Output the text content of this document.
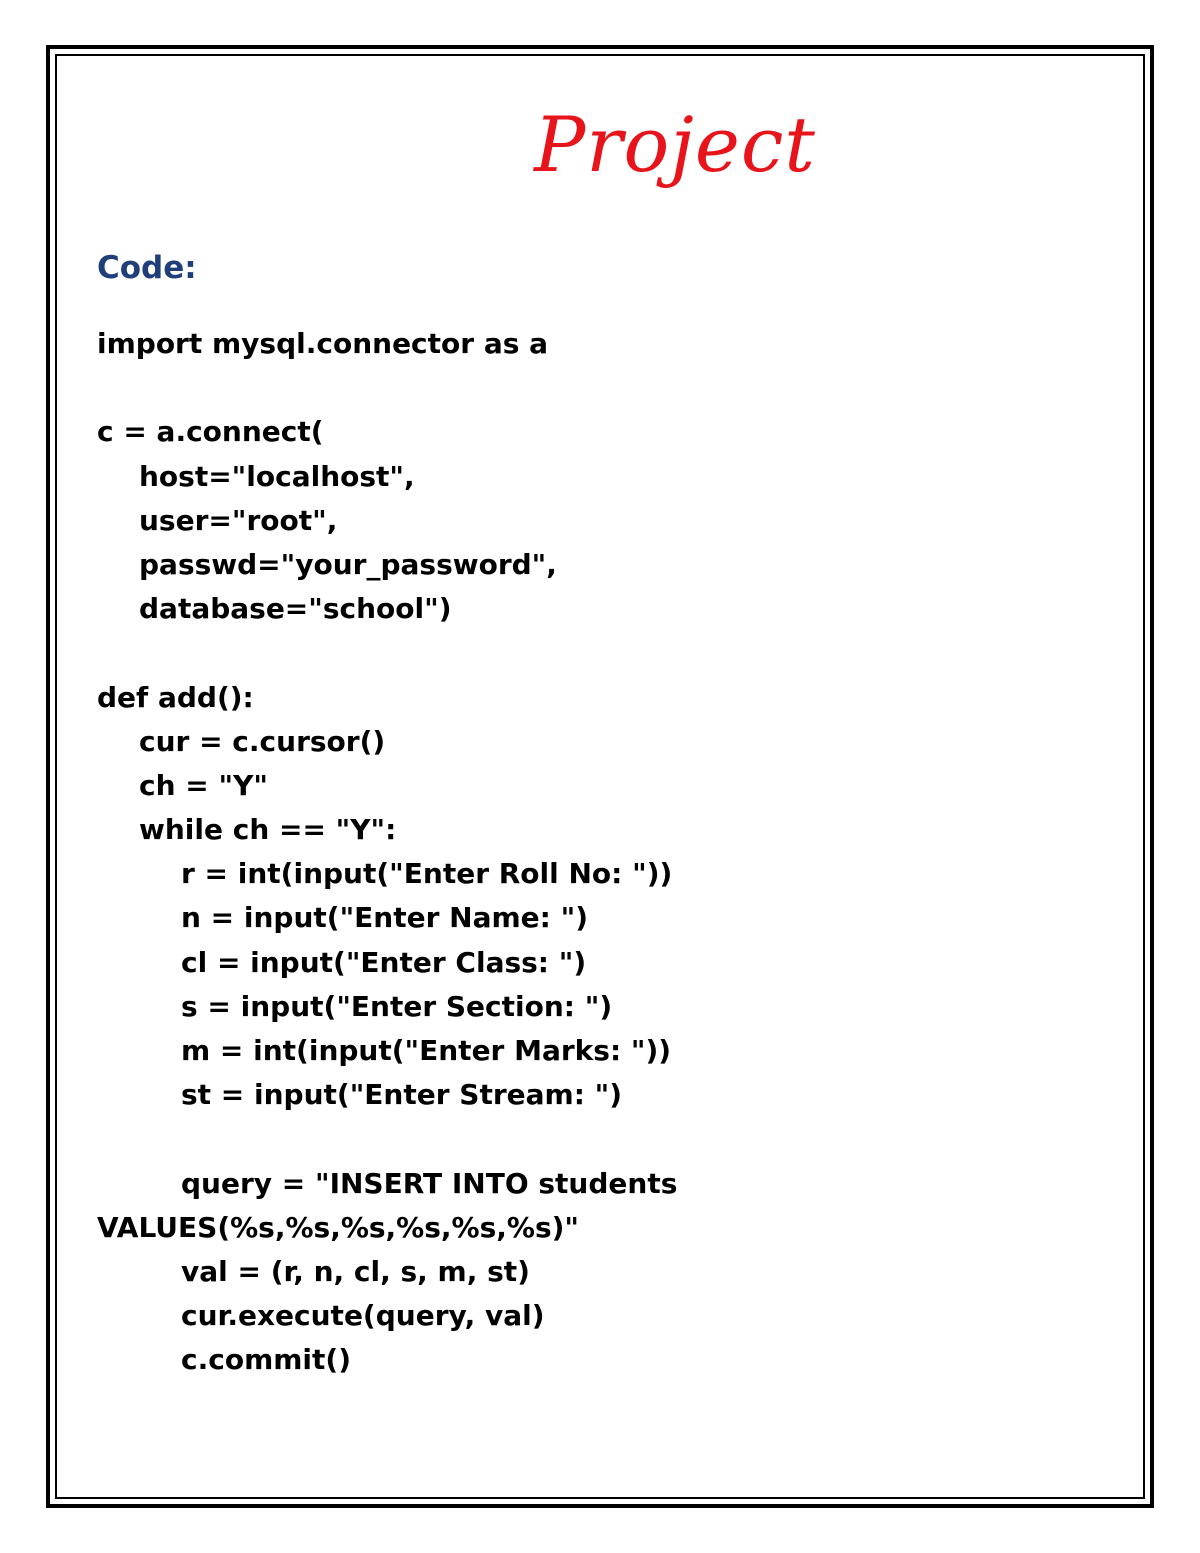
Project
Code:
import mysql.connector as a
c = a.connect(
host="localhost",
user="root",
passwd="your_password",
database="school")
def add():
cur = c.cursor()
ch = "Y"
while ch == "Y":
r = int(input("Enter Roll No: "))
n = input("Enter Name: ")
cl = input("Enter Class: ")
s = input("Enter Section: ")
m = int(input("Enter Marks: "))
st = input("Enter Stream: ")
query = "INSERT INTO students
VALUES(%s,%s,%s,%s,%s,%s)"
val = (r, n, cl, s, m, st)
cur.execute(query, val)
c.commit()
